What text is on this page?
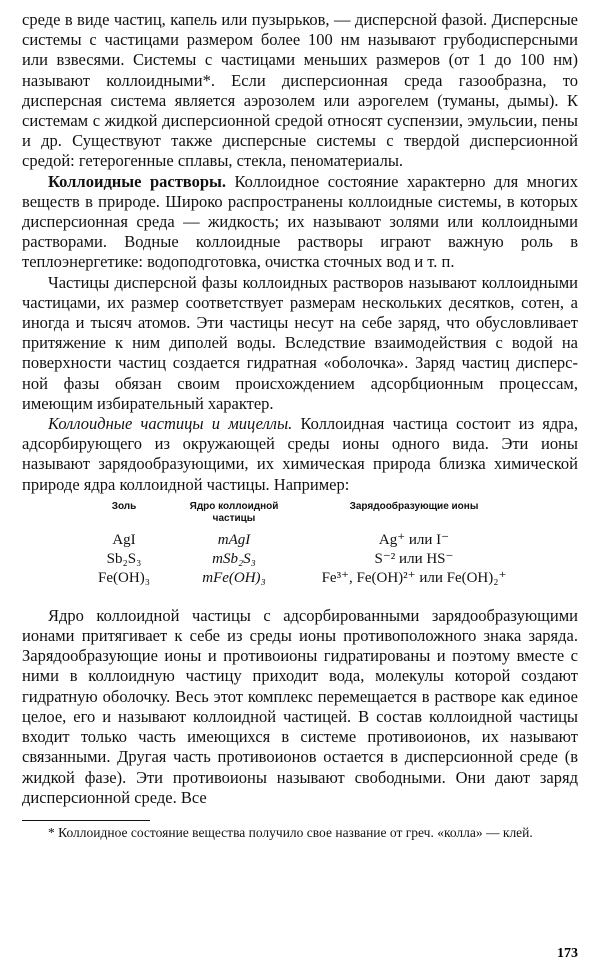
среде в виде частиц, капель или пузырьков, — дисперсной фазой. Дисперсные системы с частицами размером более 100 нм называют грубодисперсными или взвесями. Системы с частицами меньших размеров (от 1 до 100 нм) называют коллоидными*. Если дисперсионная среда газообразна, то дисперсная система является аэрозолем или аэрогелем (туманы, дымы). К системам с жидкой дисперсионной средой относят суспензии, эмульсии, пены и др. Существуют также дисперсные системы с твердой дисперсионной средой: гетерогенные сплавы, стекла, пеноматериалы.

Коллоидные растворы. Коллоидное состояние характерно для многих веществ в природе. Широко распространены коллоидные системы, в которых дисперсионная среда — жидкость; их называют золями или коллоидными растворами. Водные коллоидные растворы играют важную роль в теплоэнергетике: водоподготовка, очистка сточных вод и т. п.

Частицы дисперсной фазы коллоидных растворов называют коллоидными частицами, их размер соответствует размерам нескольких десятков, сотен, а иногда и тысяч атомов. Эти частицы несут на себе заряд, что обусловливает притяжение к ним диполей воды. Вследствие взаимодействия с водой на поверхности частиц создается гидратная «оболочка». Заряд частиц дисперсной фазы обязан своим происхождением адсорбционным процессам, имеющим избирательный характер.

Коллоидные частицы и мицеллы. Коллоидная частица состоит из ядра, адсорбирующего из окружающей среды ионы одного вида. Эти ионы называют зарядообразующими, их химическая природа близка химической природе ядра коллоидной частицы. Например:

Золь	Ядро коллоидной частицы	Зарядообразующие ионы
AgI	mAgI	Ag⁺ или I⁻
Sb₂S₃	mSb₂S₃	S⁻² или HS⁻
Fe(OH)₃	mFe(OH)₃	Fe³⁺, Fe(OH)²⁺ или Fe(OH)₂⁺

Ядро коллоидной частицы с адсорбированными зарядообразующими ионами притягивает к себе из среды ионы противоположного знака заряда. Зарядообразующие ионы и противоионы гидратированы и поэтому вместе с ними в коллоидную частицу приходит вода, молекулы которой создают гидратную оболочку. Весь этот комплекс перемещается в растворе как единое целое, его и называют коллоидной частицей. В состав коллоидной частицы входит только часть имеющихся в системе противоионов, их называют связанными. Другая часть противоионов остается в дисперсионной среде (в жидкой фазе). Эти противоионы называют свободными. Они дают заряд дисперсионной среде. Все

* Коллоидное состояние вещества получило свое название от греч. «колла» — клей.

173
